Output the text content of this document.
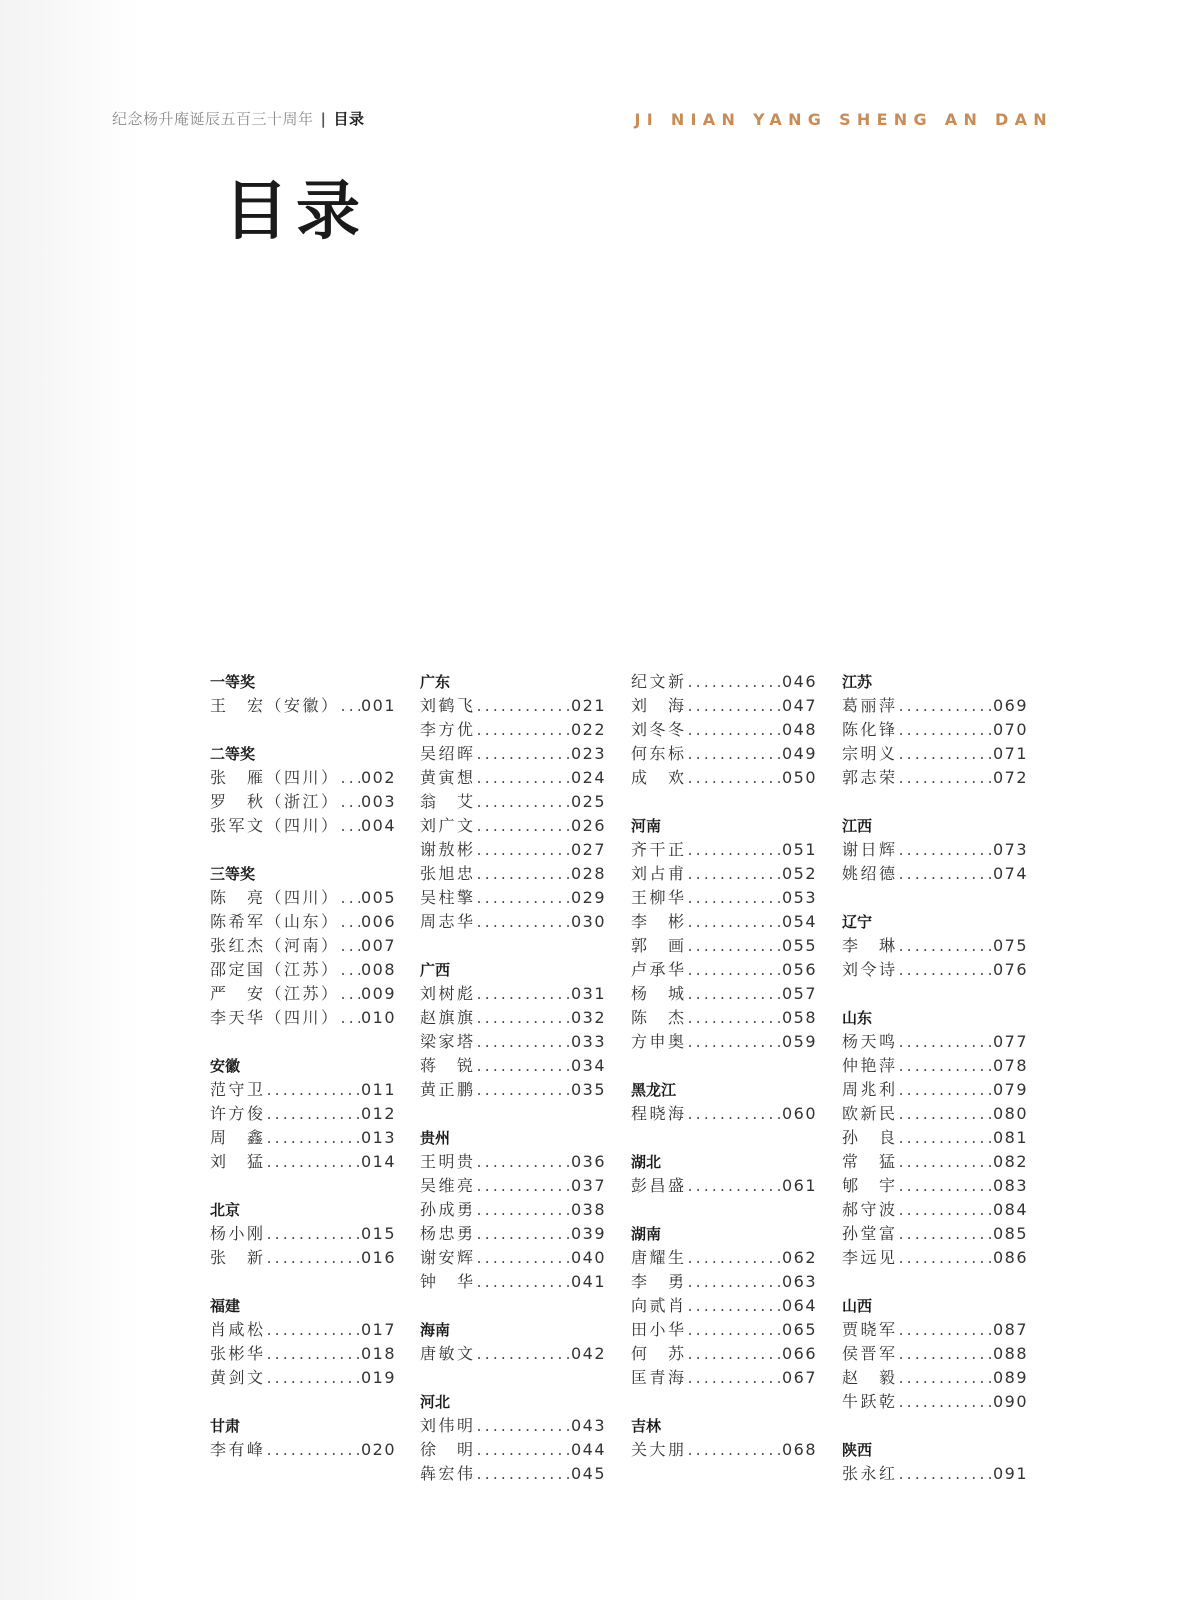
纪念杨升庵诞辰五百三十周年 | 目录	JI NIAN YANG SHENG AN DAN
目录
一等奖
王　宏（安徽） ..... 001
二等奖
张　雁（四川） ..... 002
罗　秋（浙江） ..... 003
张军文（四川） ..... 004
三等奖
陈　亮（四川） ..... 005
陈希军（山东） ..... 006
张红杰（河南） ..... 007
邵定国（江苏） ..... 008
严　安（江苏） ..... 009
李天华（四川） ..... 010
安徽
范守卫 .....	011
许方俊 .....	012
周　鑫 .....	013
刘　猛 .....	014
北京
杨小刚 .....	015
张　新 .....	016
福建
肖咸松 .....	017
张彬华 .....	018
黄剑文 .....	019
甘肃
李有峰 .....	020
广东
刘鹤飞 .....	021
李方优 .....	022
吴绍晖 .....	023
黄寅想 .....	024
翁　艾 .....	025
刘广文 .....	026
谢敖彬 .....	027
张旭忠 .....	028
吴柱擎 .....	029
周志华 .....	030
广西
刘树彪 .....	031
赵旗旗 .....	032
梁家塔 .....	033
蒋　锐 .....	034
黄正鹏 .....	035
贵州
王明贵 .....	036
吴维亮 .....	037
孙成勇 .....	038
杨忠勇 .....	039
谢安辉 .....	040
钟　华 .....	041
海南
唐敏文 .....	042
河北
刘伟明 .....	043
徐　明 .....	044
犇宏伟 .....	045
纪文新 .....	046
刘　海 .....	047
刘冬冬 .....	048
何东标 .....	049
成　欢 .....	050
河南
齐干正 .....	051
刘占甫 .....	052
王柳华 .....	053
李　彬 .....	054
郭　画 .....	055
卢承华 .....	056
杨　城 .....	057
陈　杰 .....	058
方申奥 .....	059
黑龙江
程晓海 .....	060
湖北
彭昌盛 .....	061
湖南
唐耀生 .....	062
李　勇 .....	063
向贰肖 .....	064
田小华 .....	065
何　苏 .....	066
匡青海 .....	067
吉林
关大朋 .....	068
江苏
葛丽萍 .....	069
陈化锋 .....	070
宗明义 .....	071
郭志荣 .....	072
江西
谢日辉 .....	073
姚绍德 .....	074
辽宁
李　琳 .....	075
刘令诗 .....	076
山东
杨天鸣 .....	077
仲艳萍 .....	078
周兆利 .....	079
欧新民 .....	080
孙　良 .....	081
常　猛 .....	082
郇　宇 .....	083
郝守波 .....	084
孙堂富 .....	085
李远见 .....	086
山西
贾晓军 .....	087
侯晋军 .....	088
赵　毅 .....	089
牛跃乾 .....	090
陕西
张永红 .....	091
